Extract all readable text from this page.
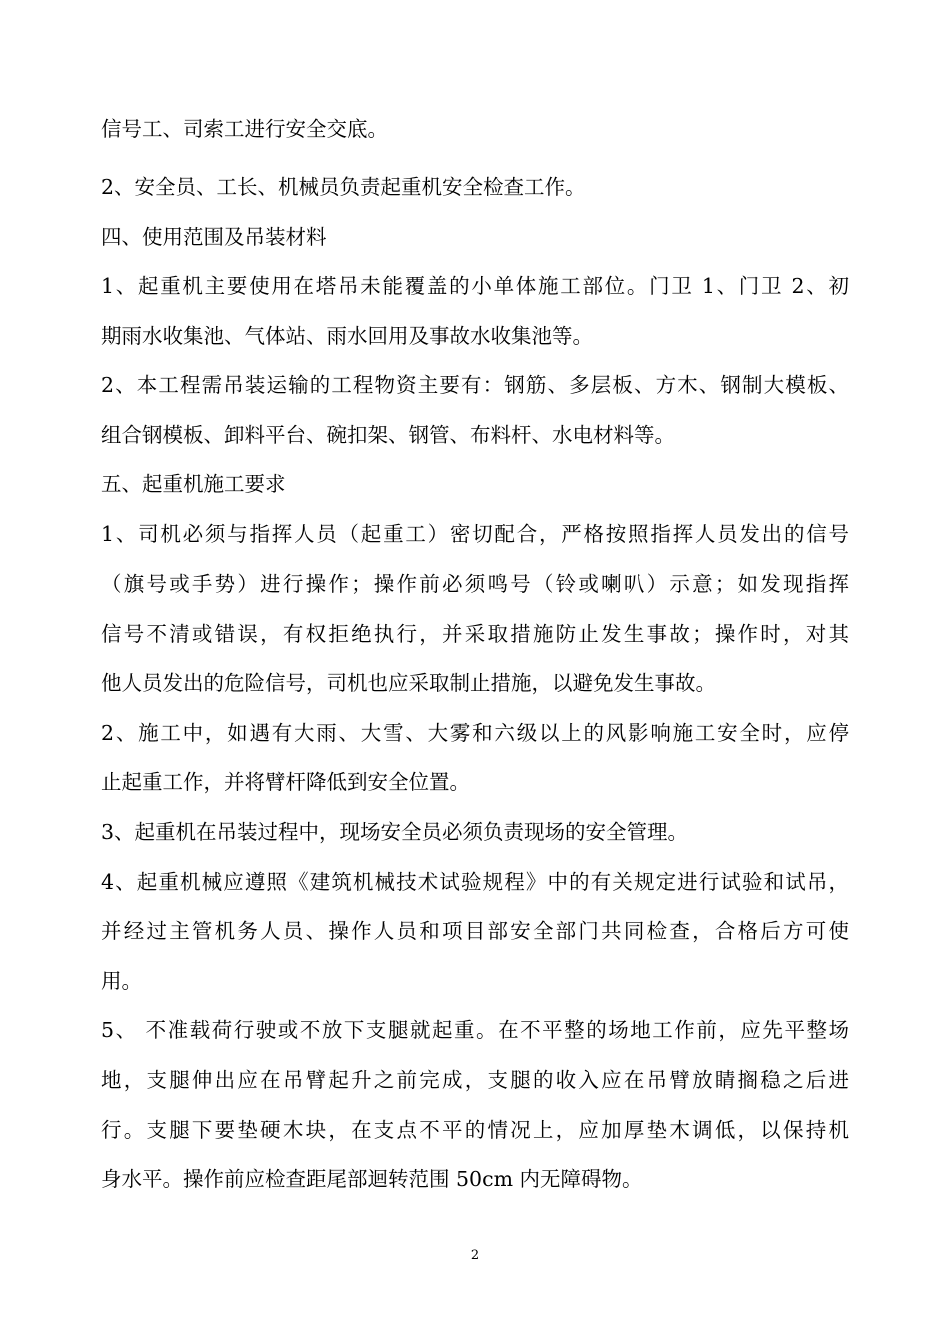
信号工、司索工进行安全交底。
2、安全员、工长、机械员负责起重机安全检查工作。
四、使用范围及吊装材料
1、起重机主要使用在塔吊未能覆盖的小单体施工部位。门卫 1、门卫 2、初
期雨水收集池、气体站、雨水回用及事故水收集池等。
2、本工程需吊装运输的工程物资主要有：钢筋、多层板、方木、钢制大模板、
组合钢模板、卸料平台、碗扣架、钢管、布料杆、水电材料等。
五、起重机施工要求
1、司机必须与指挥人员（起重工）密切配合，严格按照指挥人员发出的信号
（旗号或手势）进行操作；操作前必须鸣号（铃或喇叭）示意；如发现指挥
信号不清或错误，有权拒绝执行，并采取措施防止发生事故；操作时，对其
他人员发出的危险信号，司机也应采取制止措施，以避免发生事故。
2、施工中，如遇有大雨、大雪、大雾和六级以上的风影响施工安全时，应停
止起重工作，并将臂杆降低到安全位置。
3、起重机在吊装过程中，现场安全员必须负责现场的安全管理。
4、起重机械应遵照《建筑机械技术试验规程》中的有关规定进行试验和试吊，
并经过主管机务人员、操作人员和项目部安全部门共同检查，合格后方可使
用。
5、 不准载荷行驶或不放下支腿就起重。在不平整的场地工作前，应先平整场
地，支腿伸出应在吊臂起升之前完成，支腿的收入应在吊臂放睛搁稳之后进
行。支腿下要垫硬木块，在支点不平的情况上，应加厚垫木调低，以保持机
身水平。操作前应检查距尾部迴转范围 50cm 内无障碍物。
2
